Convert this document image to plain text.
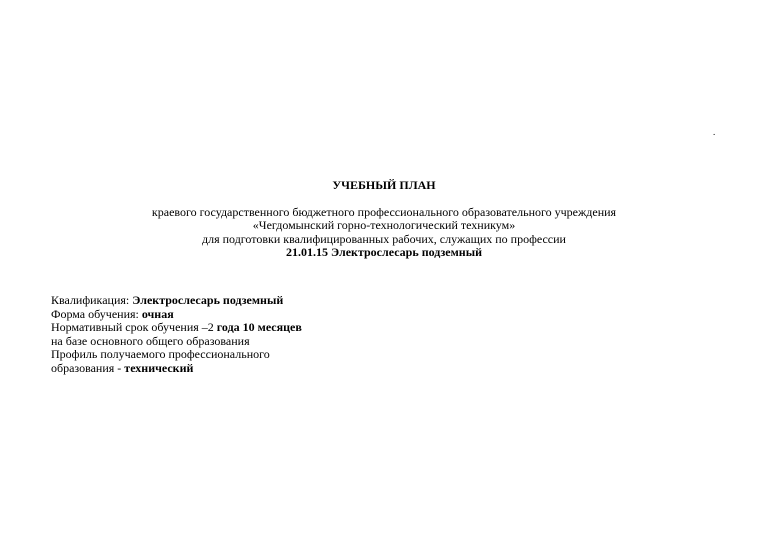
.
УЧЕБНЫЙ ПЛАН
краевого государственного бюджетного профессионального образовательного учреждения
«Чегдомынский горно-технологический техникум»
для подготовки квалифицированных рабочих, служащих по профессии
21.01.15 Электрослесарь подземный
Квалификация: Электрослесарь подземный
Форма обучения: очная
Нормативный срок обучения –2 года 10 месяцев
на базе основного общего образования
Профиль получаемого профессионального
образования - технический
